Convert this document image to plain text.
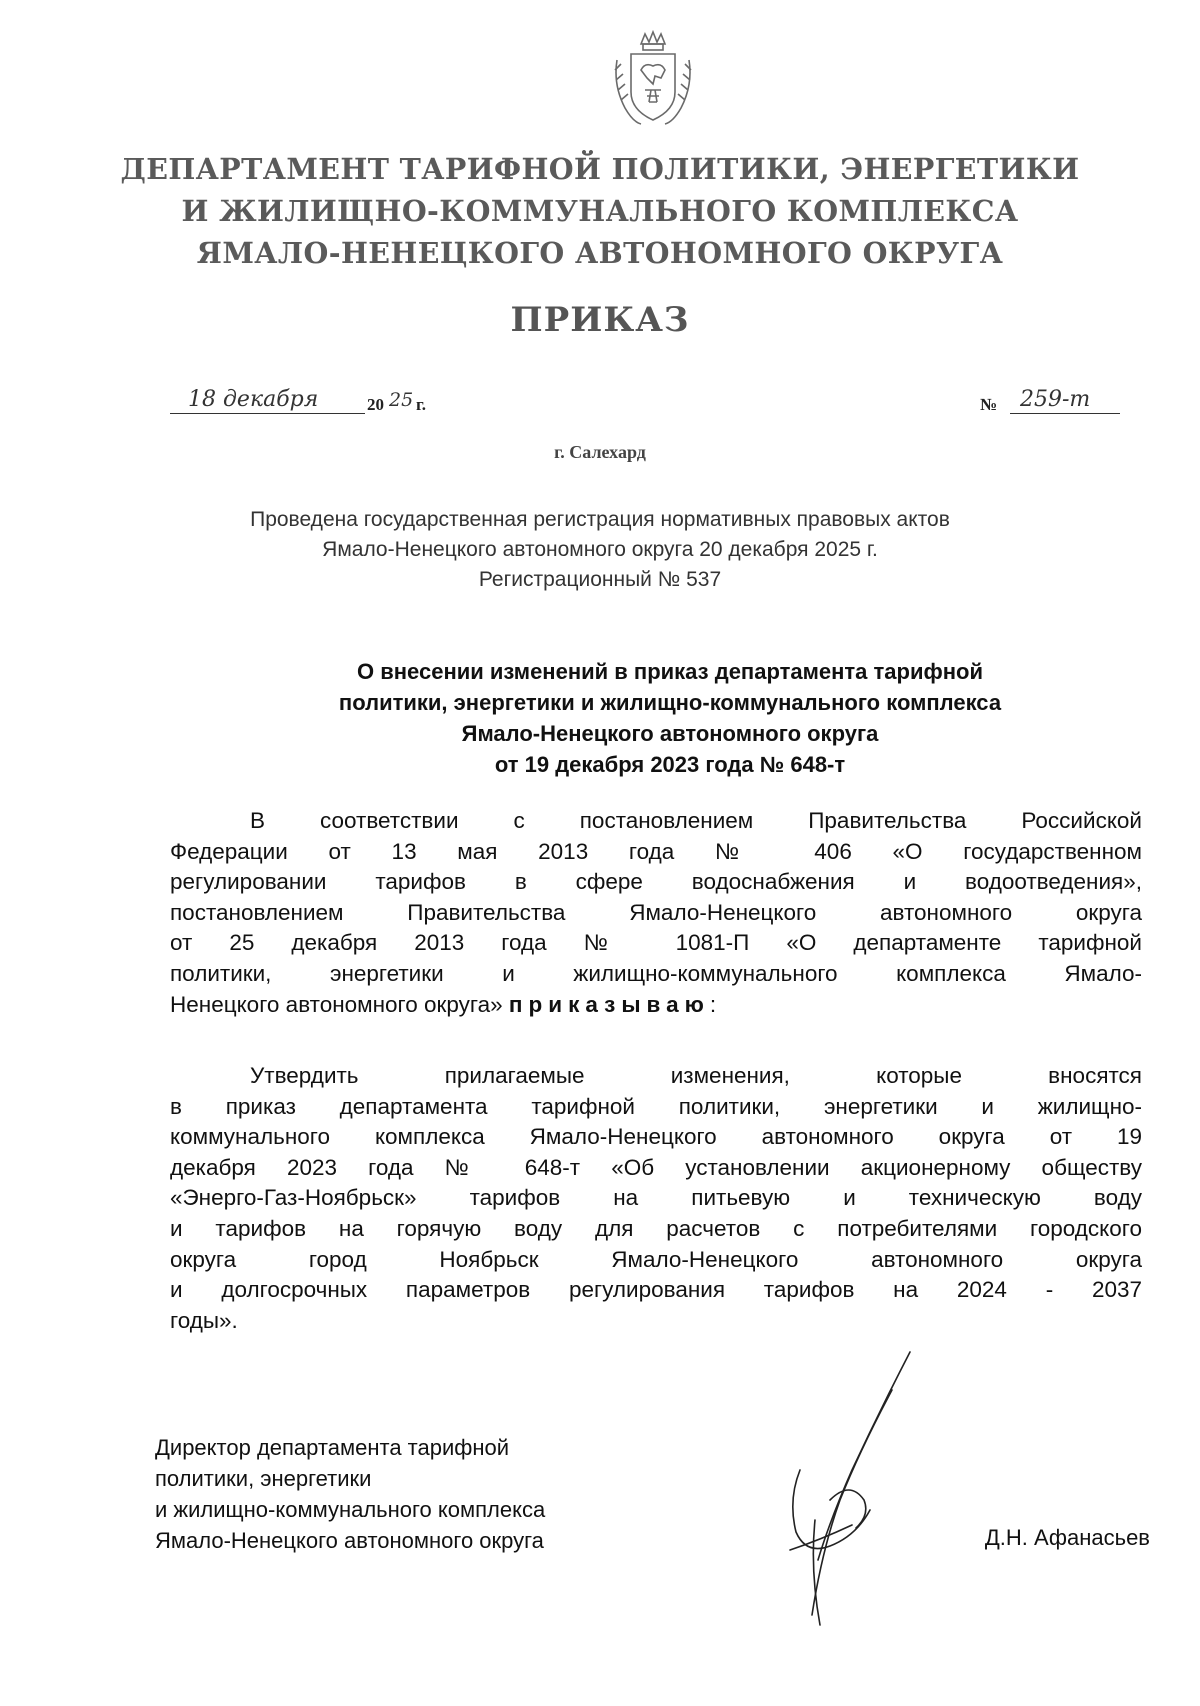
ДЕПАРТАМЕНТ ТАРИФНОЙ ПОЛИТИКИ, ЭНЕРГЕТИКИ
И ЖИЛИЩНО-КОММУНАЛЬНОГО КОМПЛЕКСА
ЯМАЛО-НЕНЕЦКОГО АВТОНОМНОГО ОКРУГА
ПРИКАЗ
18 декабря	20 25 г.	№ 259-т
г. Салехард
Проведена государственная регистрация нормативных правовых актов
Ямало-Ненецкого автономного округа 20 декабря 2025 г.
Регистрационный № 537
О внесении изменений в приказ департамента тарифной
политики, энергетики и жилищно-коммунального комплекса
Ямало-Ненецкого автономного округа
от 19 декабря 2023 года № 648-т
В соответствии с постановлением Правительства Российской
Федерации от 13 мая 2013 года № 406 «О государственном
регулировании тарифов в сфере водоснабжения и водоотведения»,
постановлением Правительства Ямало-Ненецкого автономного округа
от 25 декабря 2013 года № 1081-П «О департаменте тарифной
политики, энергетики и жилищно-коммунального комплекса Ямало-
Ненецкого автономного округа» приказываю:
Утвердить прилагаемые изменения, которые вносятся
в приказ департамента тарифной политики, энергетики и жилищно-
коммунального комплекса Ямало-Ненецкого автономного округа от 19
декабря 2023 года № 648-т «Об установлении акционерному обществу
«Энерго-Газ-Ноябрьск» тарифов на питьевую и техническую воду
и тарифов на горячую воду для расчетов с потребителями городского
округа город Ноябрьск Ямало-Ненецкого автономного округа
и долгосрочных параметров регулирования тарифов на 2024 - 2037
годы».
Директор департамента тарифной
политики, энергетики
и жилищно-коммунального комплекса
Ямало-Ненецкого автономного округа	Д.Н. Афанасьев
